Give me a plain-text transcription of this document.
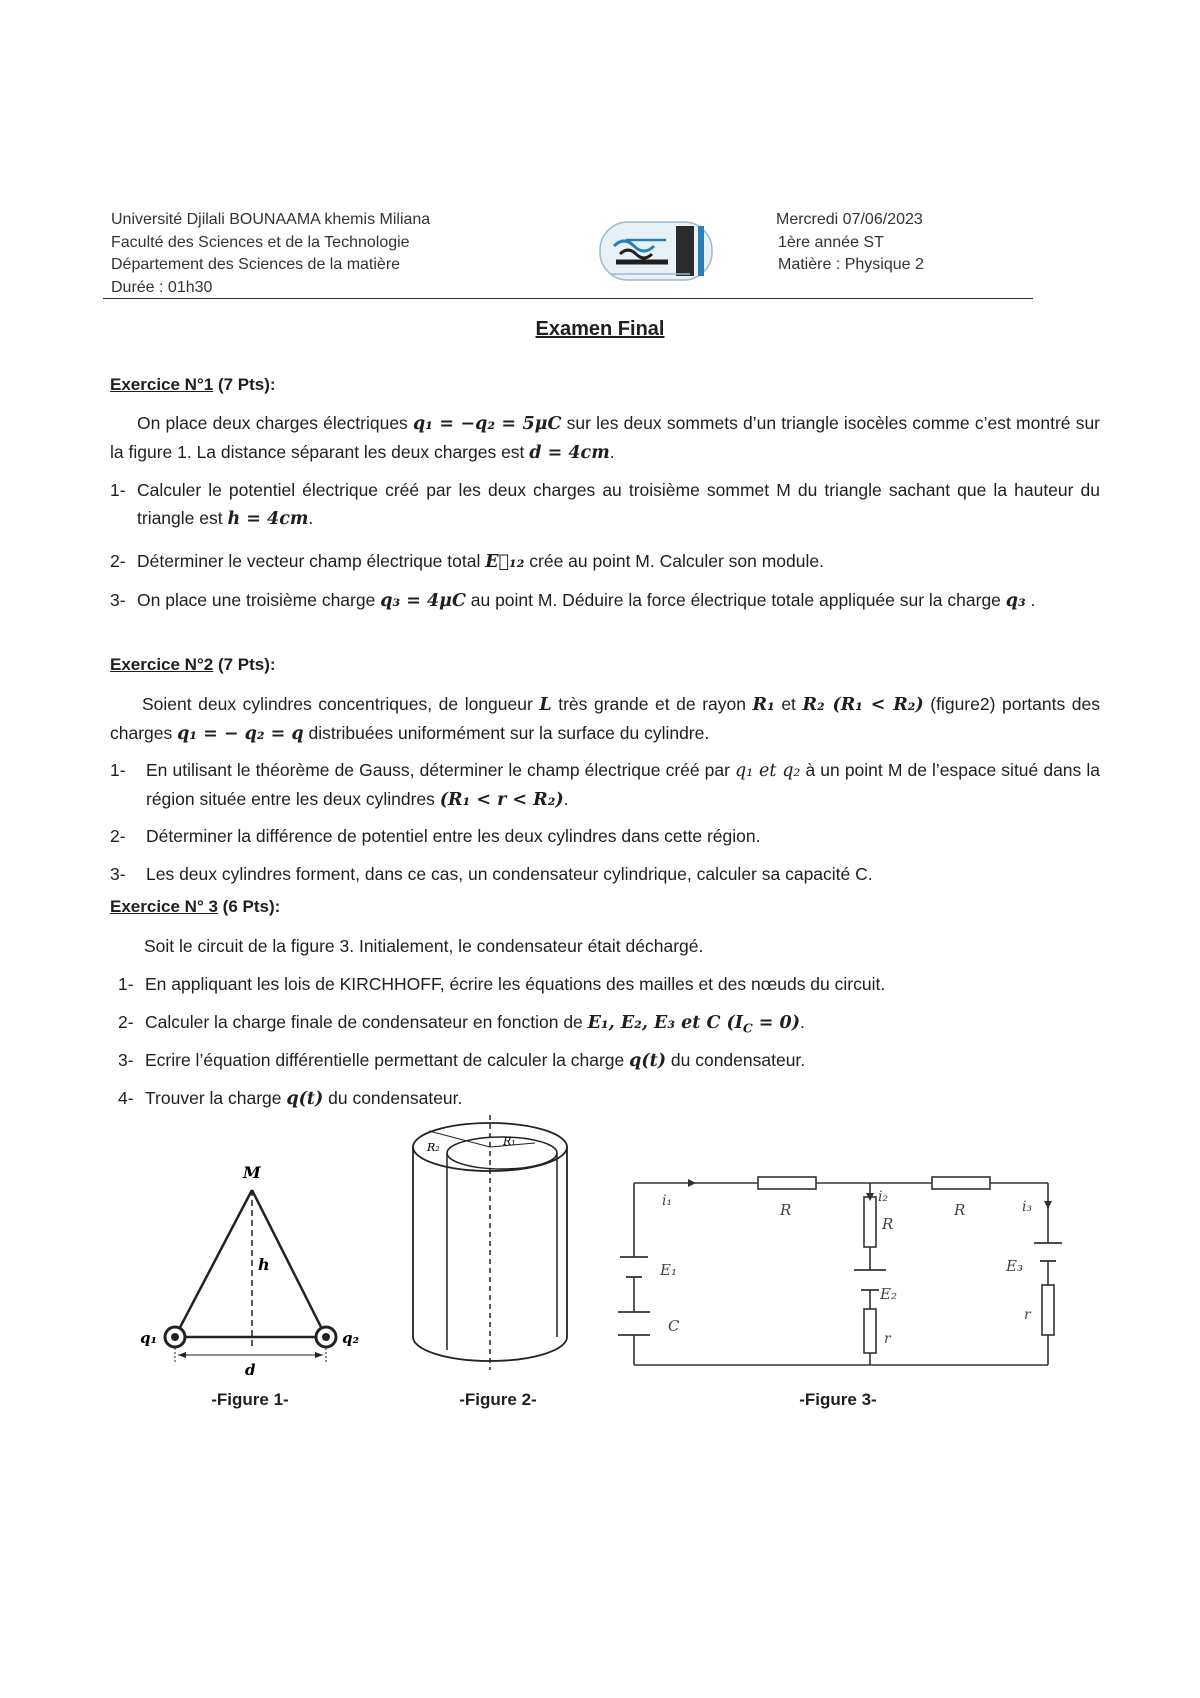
Université Djilali BOUNAAMA khemis Miliana
Faculté des Sciences et de la Technologie
Département des Sciences de la matière
Durée : 01h30
Mercredi 07/06/2023
1ère année ST
Matière : Physique 2
Examen Final
Exercice N°1 (7 Pts):
On place deux charges électriques q₁ = −q₂ = 5μC sur les deux sommets d’un triangle isocèles comme c’est montré sur la figure 1. La distance séparant les deux charges est d = 4cm.
1- Calculer le potentiel électrique créé par les deux charges au troisième sommet M du triangle sachant que la hauteur du triangle est h = 4cm.
2- Déterminer le vecteur champ électrique total E⃗₁₂ crée au point M. Calculer son module.
3- On place une troisième charge q₃ = 4μC au point M. Déduire la force électrique totale appliquée sur la charge q₃ .
Exercice N°2 (7 Pts):
Soient deux cylindres concentriques, de longueur L très grande et de rayon R₁ et R₂ (R₁ < R₂) (figure2) portants des charges q₁ = − q₂ = q distribuées uniformément sur la surface du cylindre.
1-	En utilisant le théorème de Gauss, déterminer le champ électrique créé par q₁ et q₂ à un point M de l’espace situé dans la région située entre les deux cylindres (R₁ < r < R₂).
2-	Déterminer la différence de potentiel entre les deux cylindres dans cette région.
3-	Les deux cylindres forment, dans ce cas, un condensateur cylindrique, calculer sa capacité C.
Exercice N° 3 (6 Pts):
Soit le circuit de la figure 3. Initialement, le condensateur était déchargé.
1- En appliquant les lois de KIRCHHOFF, écrire les équations des mailles et des nœuds du circuit.
2- Calculer la charge finale de condensateur en fonction de E₁, E₂, E₃ et C $(I_C = 0)$.
3- Ecrire l’équation différentielle permettant de calculer la charge q(t) du condensateur.
4- Trouver la charge q(t) du condensateur.
M
h
q₁	q₂
d
-Figure 1-
R₂	R₁
-Figure 2-
i₁	i₂
i₃
R	R
R
E₁
E₂
E₃
C
r
r
-Figure 3-
